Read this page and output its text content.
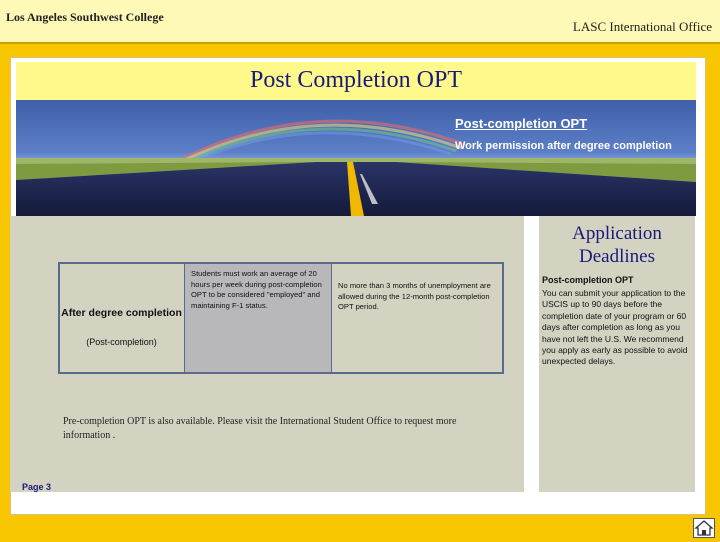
Los Angeles Southwest College
LASC International Office
Post Completion OPT
Post-completion OPT
Work permission after degree completion
After degree completion
(Post-completion)
Students must work an average of 20 hours per week during post-completion OPT to be considered "employed" and maintaining F-1 status.
No more than 3 months of unemployment are allowed during the 12-month post-completion OPT period.
Pre-completion OPT is also available. Please visit the International Student Office to request more information .
Page 3
Application Deadlines
Post-completion OPT
You can submit your application to the USCIS up to 90 days before the completion date of your program or 60 days after completion as long as you have not left the U.S. We recommend you apply as early as possible to avoid unexpected delays.
